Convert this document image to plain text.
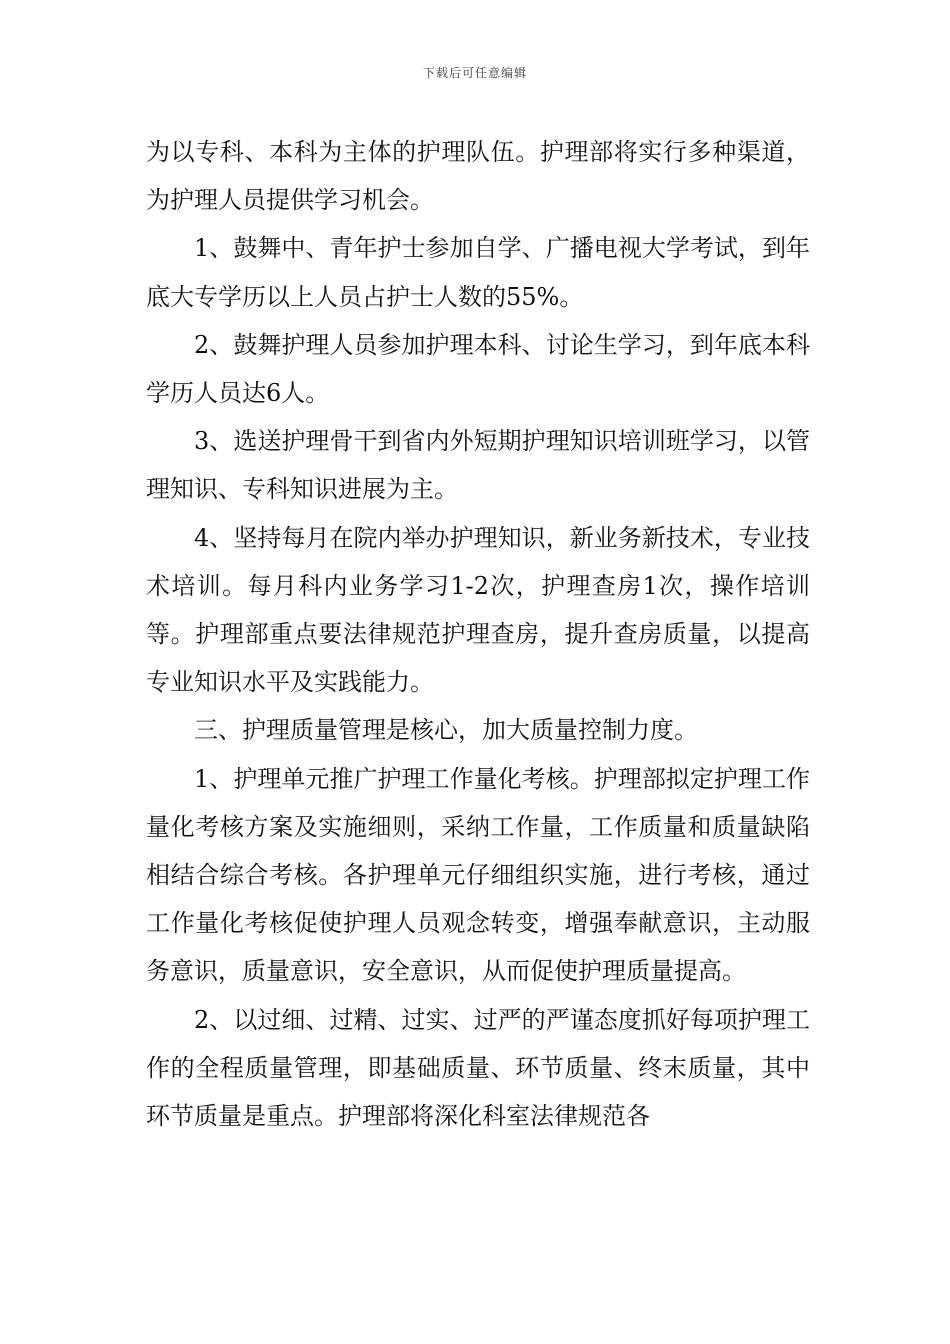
下载后可任意编辑

为以专科、本科为主体的护理队伍。护理部将实行多种渠道，为护理人员提供学习机会。

1、鼓舞中、青年护士参加自学、广播电视大学考试，到年底大专学历以上人员占护士人数的55%。

2、鼓舞护理人员参加护理本科、讨论生学习，到年底本科学历人员达6人。

3、选送护理骨干到省内外短期护理知识培训班学习，以管理知识、专科知识进展为主。

4、坚持每月在院内举办护理知识，新业务新技术，专业技术培训。每月科内业务学习1-2次，护理查房1次，操作培训等。护理部重点要法律规范护理查房，提升查房质量，以提高专业知识水平及实践能力。

三、护理质量管理是核心，加大质量控制力度。

1、护理单元推广护理工作量化考核。护理部拟定护理工作量化考核方案及实施细则，采纳工作量，工作质量和质量缺陷相结合综合考核。各护理单元仔细组织实施，进行考核，通过工作量化考核促使护理人员观念转变，增强奉献意识，主动服务意识，质量意识，安全意识，从而促使护理质量提高。

2、以过细、过精、过实、过严的严谨态度抓好每项护理工作的全程质量管理，即基础质量、环节质量、终末质量，其中环节质量是重点。护理部将深化科室法律规范各
